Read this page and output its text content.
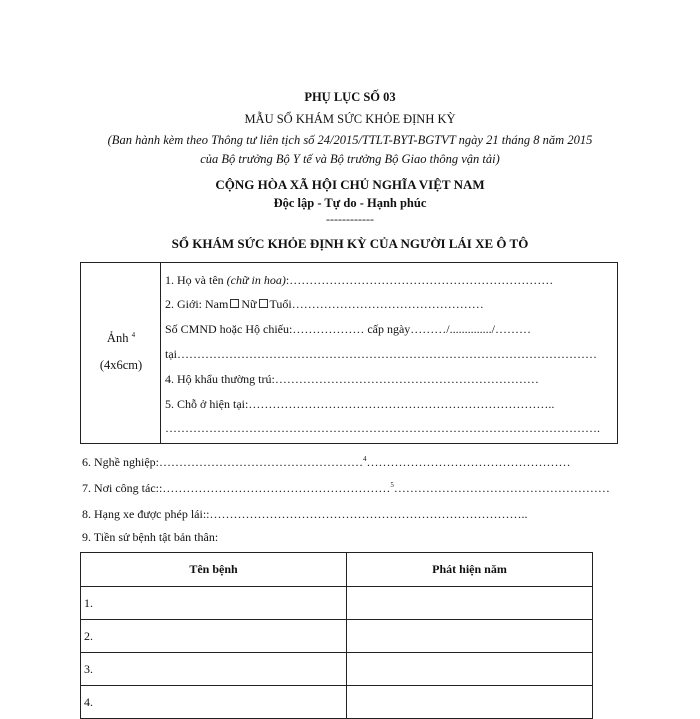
PHỤ LỤC SỐ 03
MẪU SỔ KHÁM SỨC KHỎE ĐỊNH KỲ
(Ban hành kèm theo Thông tư liên tịch số 24/2015/TTLT-BYT-BGTVT ngày 21 tháng 8 năm 2015
của Bộ trưởng Bộ Y tế và Bộ trưởng Bộ Giao thông vận tải)
CỘNG HÒA XÃ HỘI CHỦ NGHĨA VIỆT NAM
Độc lập - Tự do - Hạnh phúc
------------
SỔ KHÁM SỨC KHỎE ĐỊNH KỲ CỦA NGƯỜI LÁI XE Ô TÔ
Ảnh $^4$
(4x6cm)
1. Họ và tên (chữ in hoa):…………………………………………………………
2. Giới: Nam Nữ Tuổi…………………………………………
Số CMND hoặc Hộ chiếu:……………… cấp ngày………/............../………
tại……………………………………………………………………………………………
4. Hộ khẩu thường trú:…………………………………………………………
5. Chỗ ở hiện tại:…………………………………………………………………..
……………………………………………………………………………………………….
6. Nghề nghiệp:……………………………………………$^4$……………………………………………
7. Nơi công tác::…………………………………………………$^5$………………………………………………
8. Hạng xe được phép lái::……………………………………………………………………..
9. Tiền sử bệnh tật bản thân:
Tên bệnh	Phát hiện năm
1.	
2.	
3.	
4.	
